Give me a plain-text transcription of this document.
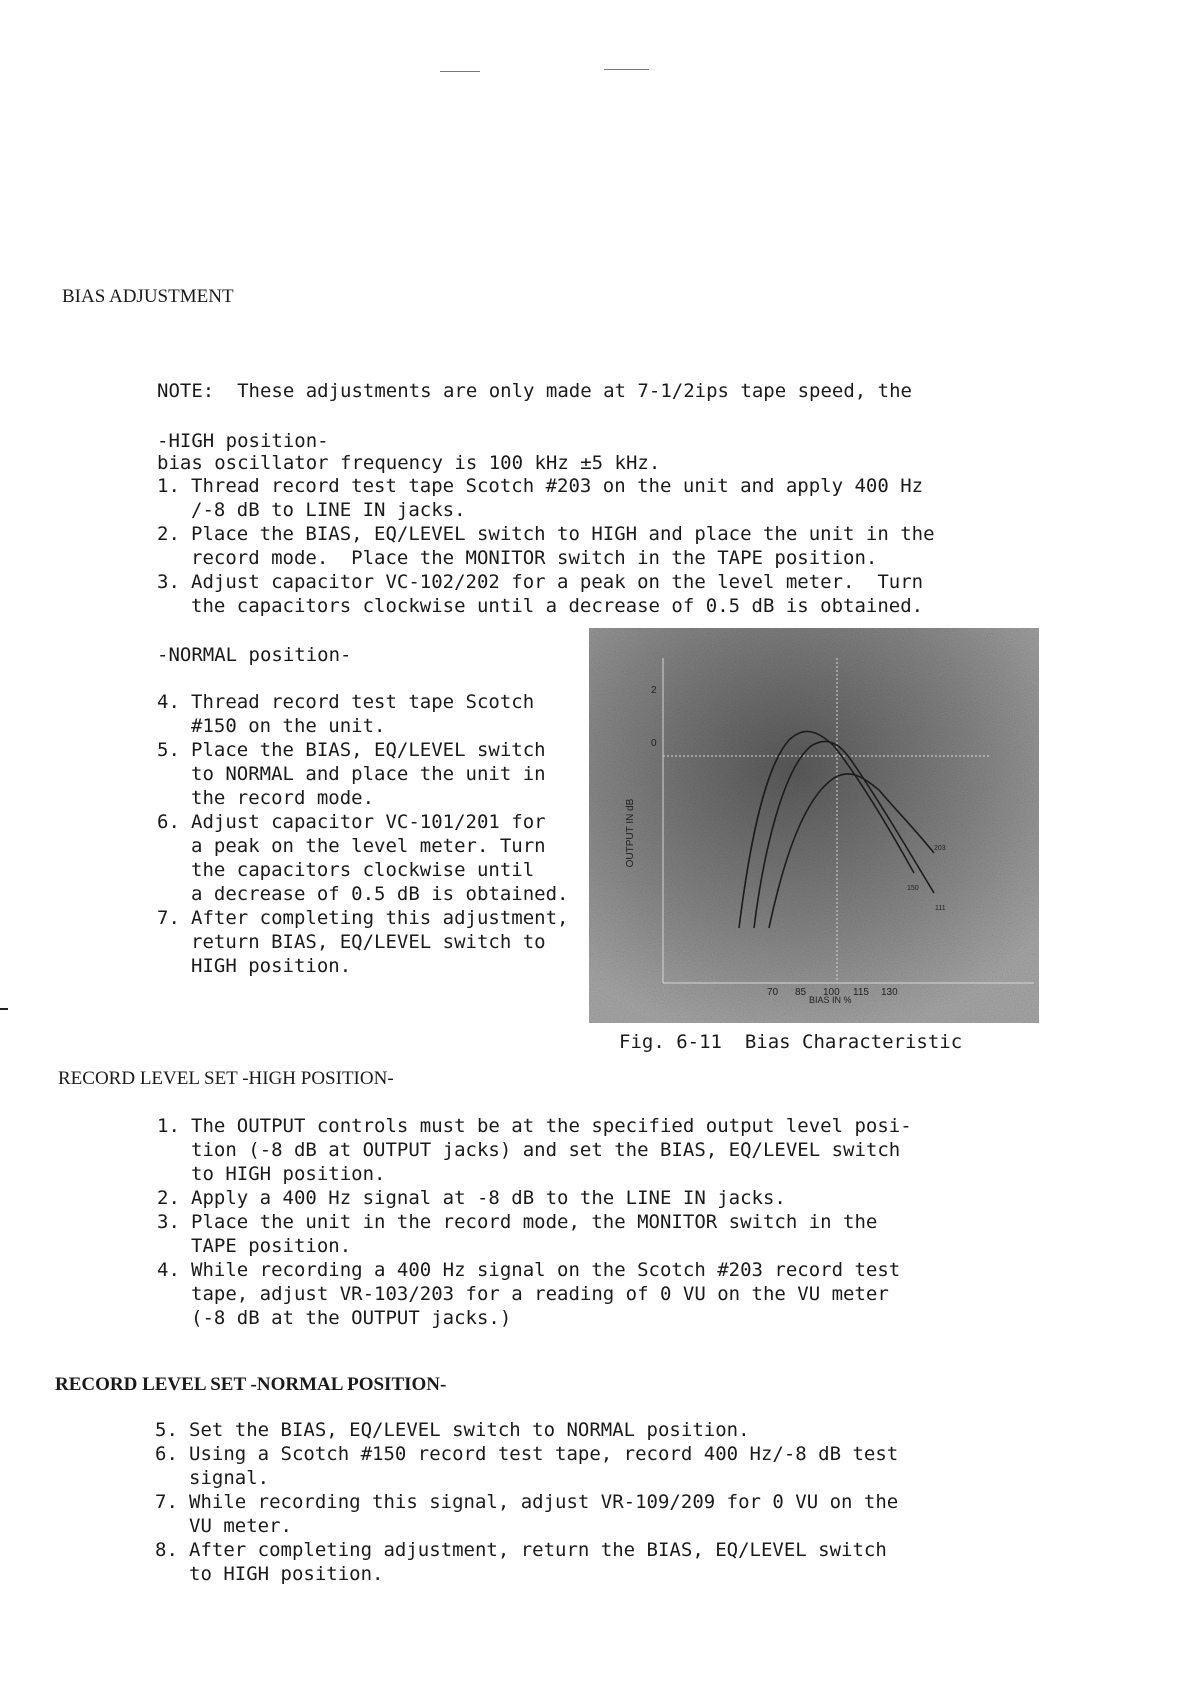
BIAS ADJUSTMENT

NOTE:  These adjustments are only made at 7-1/2ips tape speed, the

bias oscillator frequency is 100 kHz ±5 kHz.

-HIGH position-
1. Thread record test tape Scotch #203 on the unit and apply 400 Hz
/-8 dB to LINE IN jacks.
2. Place the BIAS, EQ/LEVEL switch to HIGH and place the unit in the
record mode.  Place the MONITOR switch in the TAPE position.
3. Adjust capacitor VC-102/202 for a peak on the level meter.  Turn
the capacitors clockwise until a decrease of 0.5 dB is obtained.
-NORMAL position-
4. Thread record test tape Scotch
#150 on the unit.
5. Place the BIAS, EQ/LEVEL switch
to NORMAL and place the unit in
the record mode.
6. Adjust capacitor VC-101/201 for
a peak on the level meter. Turn
the capacitors clockwise until
a decrease of 0.5 dB is obtained.
7. After completing this adjustment,
return BIAS, EQ/LEVEL switch to
HIGH position.
2
0
70 85 100 115 130
150
111
203
OUTPUT IN dB
BIAS IN %
Fig. 6-11  Bias Characteristic
RECORD LEVEL SET -HIGH POSITION-
1. The OUTPUT controls must be at the specified output level posi-
tion (-8 dB at OUTPUT jacks) and set the BIAS, EQ/LEVEL switch
to HIGH position.
2. Apply a 400 Hz signal at -8 dB to the LINE IN jacks.
3. Place the unit in the record mode, the MONITOR switch in the
TAPE position.
4. While recording a 400 Hz signal on the Scotch #203 record test
tape, adjust VR-103/203 for a reading of 0 VU on the VU meter
(-8 dB at the OUTPUT jacks.)
RECORD LEVEL SET -NORMAL POSITION-
5. Set the BIAS, EQ/LEVEL switch to NORMAL position.
6. Using a Scotch #150 record test tape, record 400 Hz/-8 dB test
signal.
7. While recording this signal, adjust VR-109/209 for 0 VU on the
VU meter.
8. After completing adjustment, return the BIAS, EQ/LEVEL switch
to HIGH position.
